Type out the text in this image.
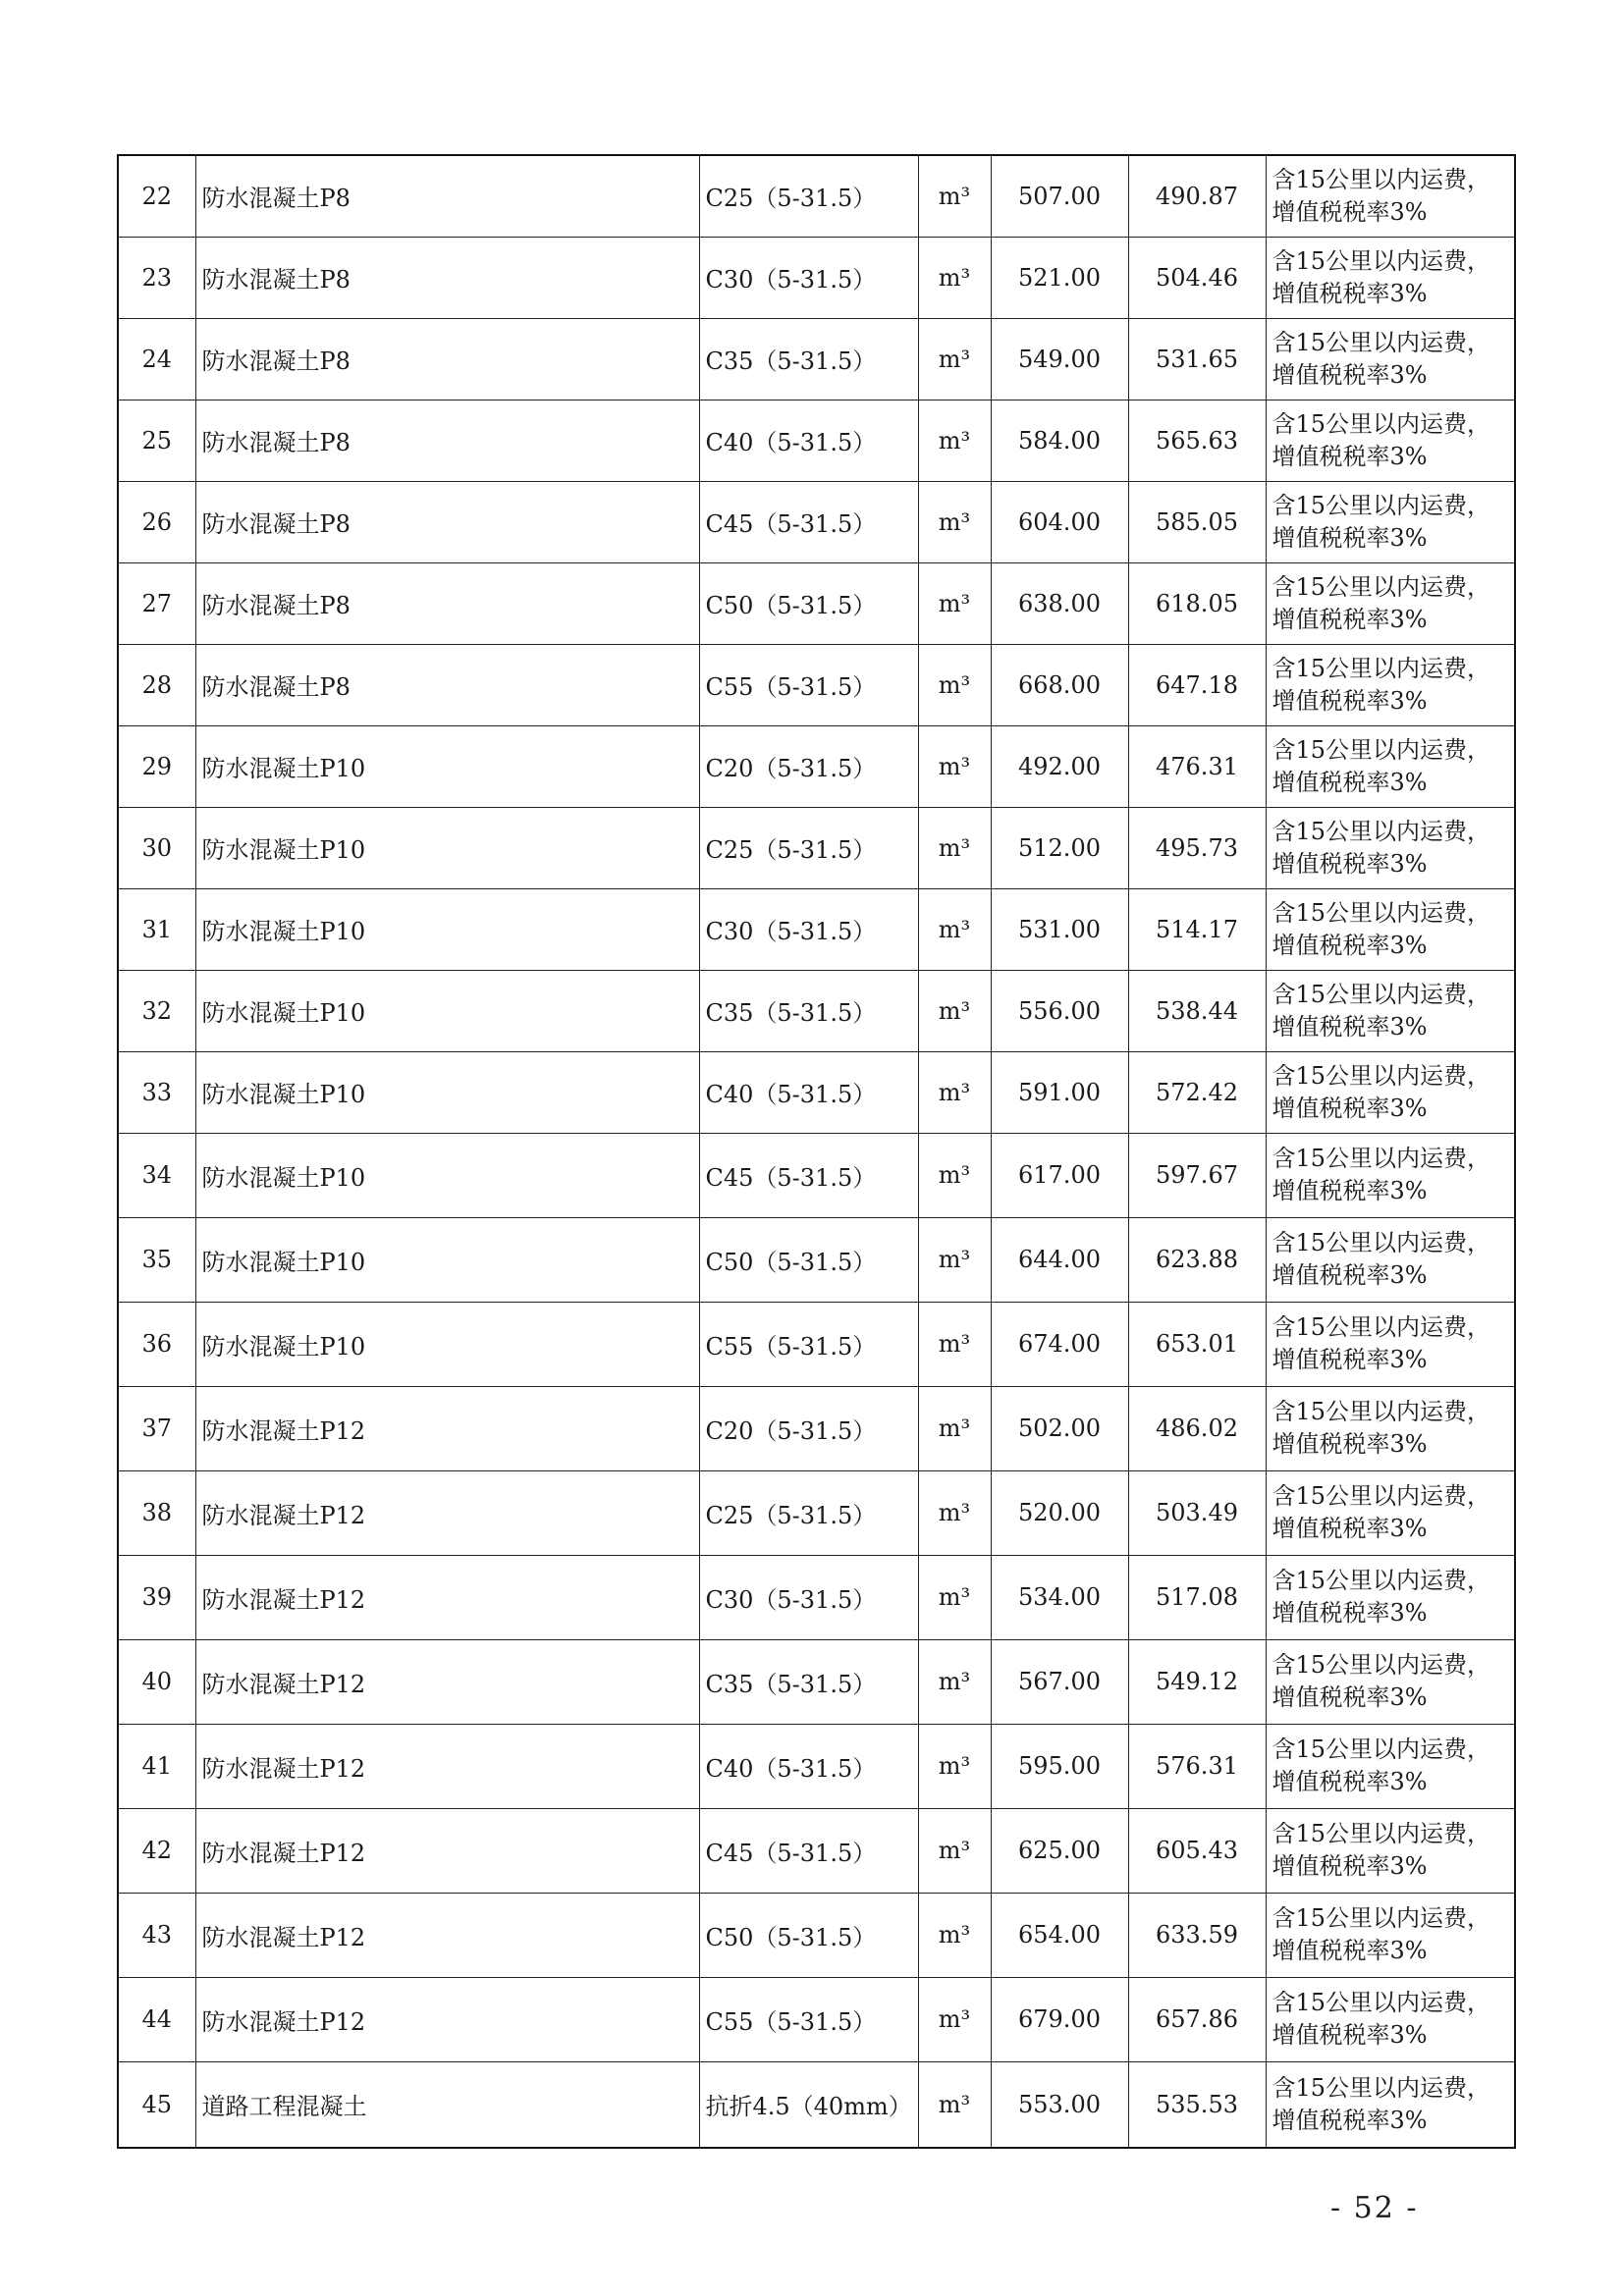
22	防水混凝土P8	C25（5-31.5）	m³	507.00	490.87	含15公里以内运费，
增值税税率3%

23	防水混凝土P8	C30（5-31.5）	m³	521.00	504.46	含15公里以内运费，
增值税税率3%

24	防水混凝土P8	C35（5-31.5）	m³	549.00	531.65	含15公里以内运费，
增值税税率3%

25	防水混凝土P8	C40（5-31.5）	m³	584.00	565.63	含15公里以内运费，
增值税税率3%

26	防水混凝土P8	C45（5-31.5）	m³	604.00	585.05	含15公里以内运费，
增值税税率3%

27	防水混凝土P8	C50（5-31.5）	m³	638.00	618.05	含15公里以内运费，
增值税税率3%

28	防水混凝土P8	C55（5-31.5）	m³	668.00	647.18	含15公里以内运费，
增值税税率3%

29	防水混凝土P10	C20（5-31.5）	m³	492.00	476.31	含15公里以内运费，
增值税税率3%

30	防水混凝土P10	C25（5-31.5）	m³	512.00	495.73	含15公里以内运费，
增值税税率3%

31	防水混凝土P10	C30（5-31.5）	m³	531.00	514.17	含15公里以内运费，
增值税税率3%

32	防水混凝土P10	C35（5-31.5）	m³	556.00	538.44	含15公里以内运费，
增值税税率3%

33	防水混凝土P10	C40（5-31.5）	m³	591.00	572.42	含15公里以内运费，
增值税税率3%

34	防水混凝土P10	C45（5-31.5）	m³	617.00	597.67	含15公里以内运费，
增值税税率3%

35	防水混凝土P10	C50（5-31.5）	m³	644.00	623.88	含15公里以内运费，
增值税税率3%

36	防水混凝土P10	C55（5-31.5）	m³	674.00	653.01	含15公里以内运费，
增值税税率3%

37	防水混凝土P12	C20（5-31.5）	m³	502.00	486.02	含15公里以内运费，
增值税税率3%

38	防水混凝土P12	C25（5-31.5）	m³	520.00	503.49	含15公里以内运费，
增值税税率3%

39	防水混凝土P12	C30（5-31.5）	m³	534.00	517.08	含15公里以内运费，
增值税税率3%

40	防水混凝土P12	C35（5-31.5）	m³	567.00	549.12	含15公里以内运费，
增值税税率3%

41	防水混凝土P12	C40（5-31.5）	m³	595.00	576.31	含15公里以内运费，
增值税税率3%

42	防水混凝土P12	C45（5-31.5）	m³	625.00	605.43	含15公里以内运费，
增值税税率3%

43	防水混凝土P12	C50（5-31.5）	m³	654.00	633.59	含15公里以内运费，
增值税税率3%

44	防水混凝土P12	C55（5-31.5）	m³	679.00	657.86	含15公里以内运费，
增值税税率3%

45	道路工程混凝土	抗折4.5（40mm）	m³	553.00	535.53	含15公里以内运费，
增值税税率3%
- 52 -
